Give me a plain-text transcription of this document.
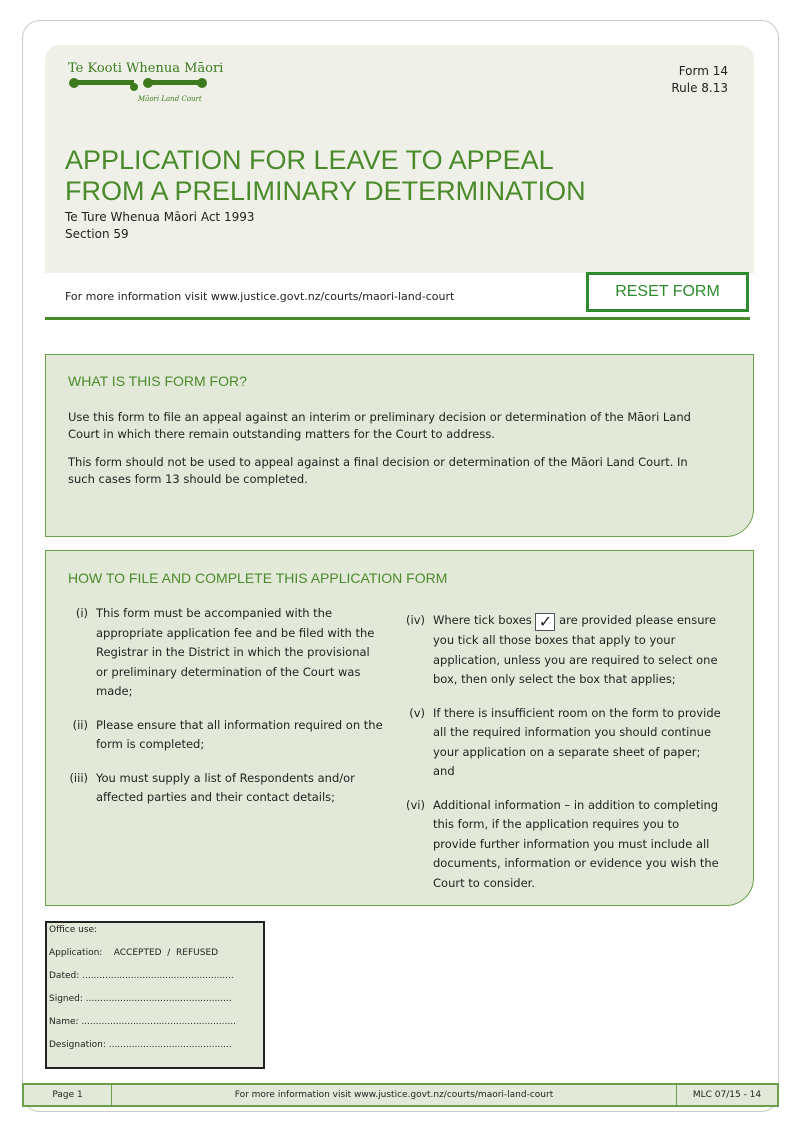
Te Kooti Whenua Māori
Māori Land Court
Form 14
Rule 8.13
APPLICATION FOR LEAVE TO APPEAL
FROM A PRELIMINARY DETERMINATION
Te Ture Whenua Māori Act 1993
Section 59
For more information visit www.justice.govt.nz/courts/maori-land-court	RESET FORM
WHAT IS THIS FORM FOR?

Use this form to file an appeal against an interim or preliminary decision or determination of the Māori Land Court in which there remain outstanding matters for the Court to address.

This form should not be used to appeal against a final decision or determination of the Māori Land Court. In such cases form 13 should be completed.

HOW TO FILE AND COMPLETE THIS APPLICATION FORM
(i) This form must be accompanied with the appropriate application fee and be filed with the Registrar in the District in which the provisional or preliminary determination of the Court was made;
(ii) Please ensure that all information required on the form is completed;
(iii) You must supply a list of Respondents and/or affected parties and their contact details;
(iv) Where tick boxes ✓ are provided please ensure you tick all those boxes that apply to your application, unless you are required to select one box, then only select the box that applies;
(v) If there is insufficient room on the form to provide all the required information you should continue your application on a separate sheet of paper; and
(vi) Additional information – in addition to completing this form, if the application requires you to provide further information you must include all documents, information or evidence you wish the Court to consider.
Office use:
Application:    ACCEPTED  /  REFUSED
Dated: .....................................................
Signed: ...................................................
Name: ......................................................
Designation: ...........................................
Page 1	For more information visit www.justice.govt.nz/courts/maori-land-court	MLC 07/15 - 14
